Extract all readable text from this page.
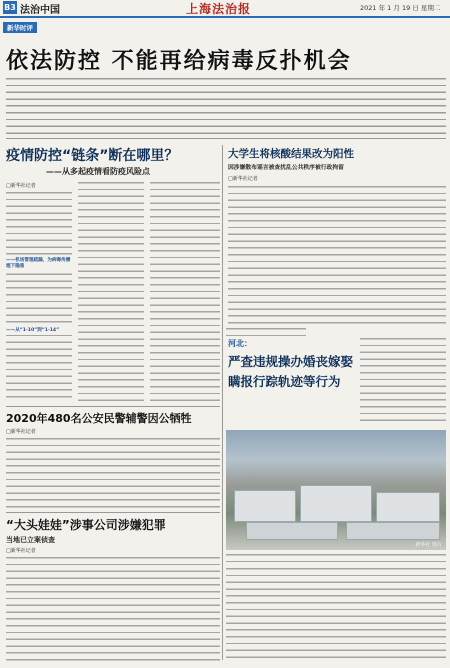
B3 法治中国	上海法治报	2021 年 1 月 19 日 星期二
新华时评
依法防控 不能再给病毒反扑机会
疫情防控“链条”断在哪里？
——从多起疫情看防疫风险点
□新华社记者
——机场管理疏漏，为病毒传播埋下隐患
——从“1·10”到“1·14”
大学生将核酸结果改为阳性
因涉嫌散布谣言被查扰乱公共秩序被行政拘留
□新华社记者
河北：
严查违规操办婚丧嫁娶
瞒报行踪轨迹等行为
新华社 图片
2020年480名公安民警辅警因公牺牲
□新华社记者
“大头娃娃”涉事公司涉嫌犯罪
当地已立案侦查
□新华社记者
